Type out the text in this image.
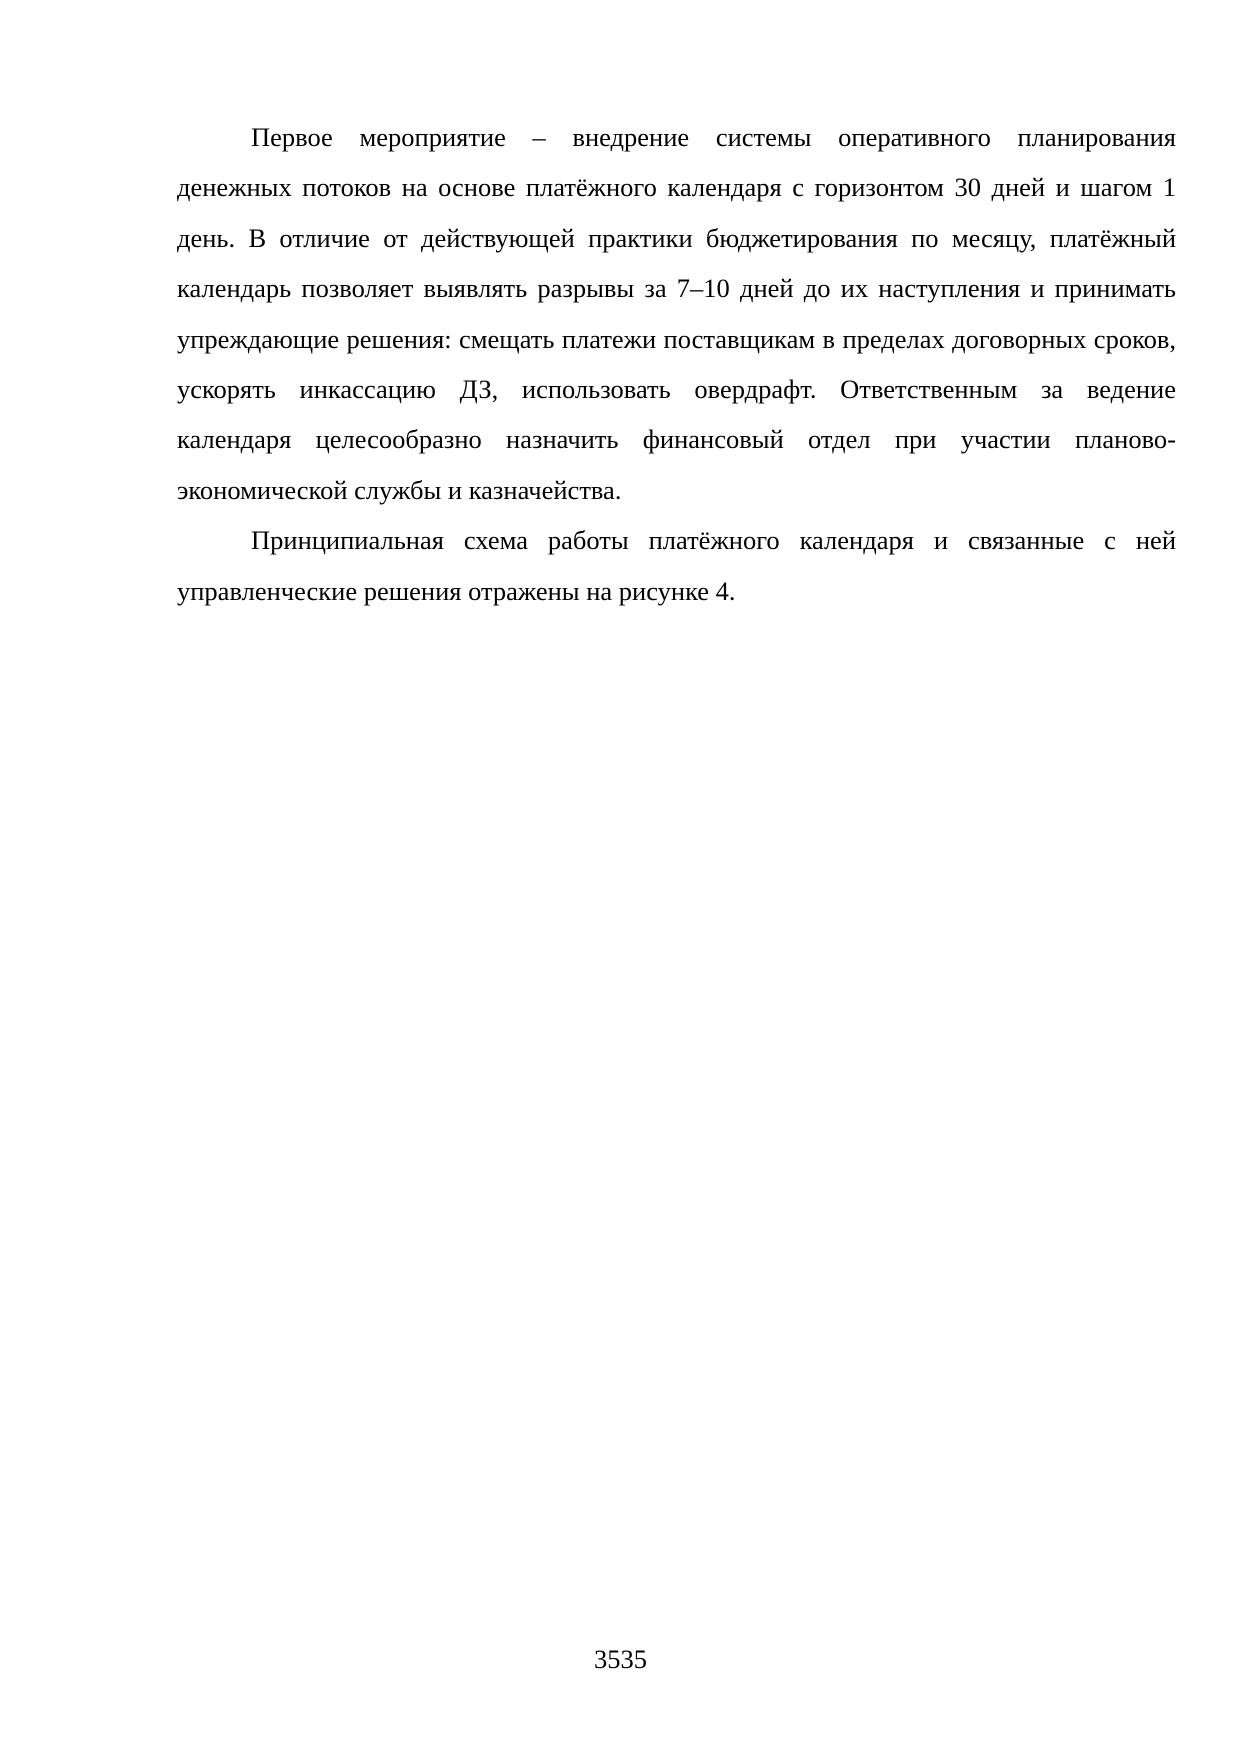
Первое мероприятие – внедрение системы оперативного планирования денежных потоков на основе платёжного календаря с горизонтом 30 дней и шагом 1 день. В отличие от действующей практики бюджетирования по месяцу, платёжный календарь позволяет выявлять разрывы за 7–10 дней до их наступления и принимать упреждающие решения: смещать платежи поставщикам в пределах договорных сроков, ускорять инкассацию ДЗ, использовать овердрафт. Ответственным за ведение календаря целесообразно назначить финансовый отдел при участии планово-экономической службы и казначейства.

Принципиальная схема работы платёжного календаря и связанные с ней управленческие решения отражены на рисунке 4.

3535
